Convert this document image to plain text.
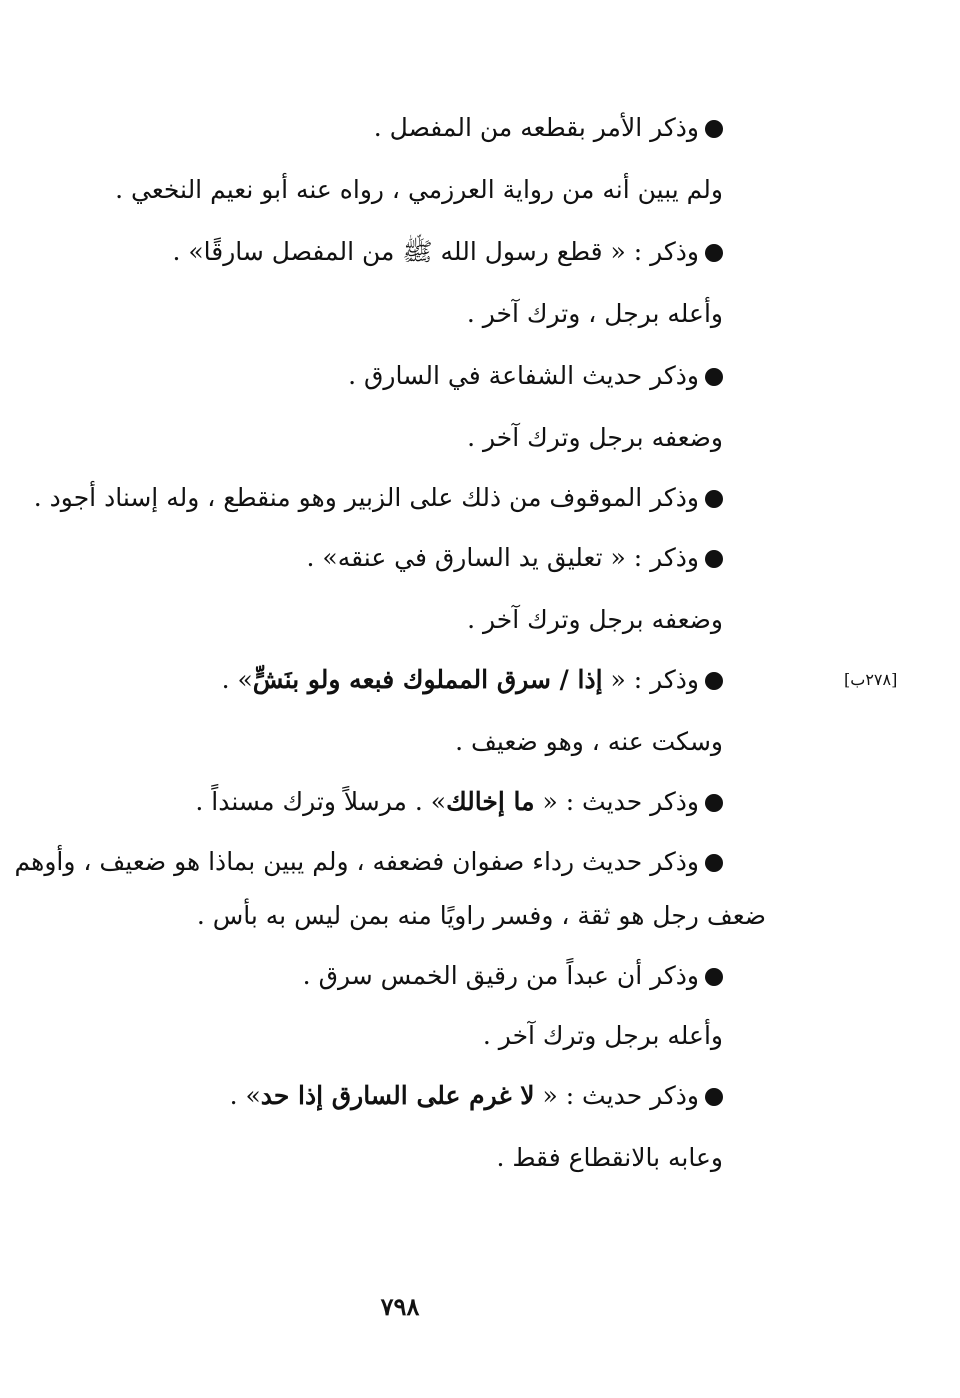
وذكر الأمر بقطعه من المفصل .
ولم يبين أنه من رواية العرزمي ، رواه عنه أبو نعيم النخعي .
وذكر : « قطع رسول الله ﷺ من المفصل سارقًا» .
وأعله برجل ، وترك آخر .
وذكر حديث الشفاعة في السارق .
وضعفه برجل وترك آخر .
وذكر الموقوف من ذلك على الزبير وهو منقطع ، وله إسناد أجود .
وذكر : « تعليق يد السارق في عنقه» .
وضعفه برجل وترك آخر .
وذكر : « إذا / سرق المملوك فبعه ولو بنَشٍّ» .
وسكت عنه ، وهو ضعيف .
وذكر حديث : « ما إخالك» . مرسلاً وترك مسنداً .
وذكر حديث رداء صفوان فضعفه ، ولم يبين بماذا هو ضعيف ، وأوهم
ضعف رجل هو ثقة ، وفسر راويًا منه بمن ليس به بأس .
وذكر أن عبداً من رقيق الخمس سرق .
وأعله برجل وترك آخر .
وذكر حديث : « لا غرم على السارق إذا حد» .
وعابه بالانقطاع فقط .
[٢٧٨ب]
٧٩٨
